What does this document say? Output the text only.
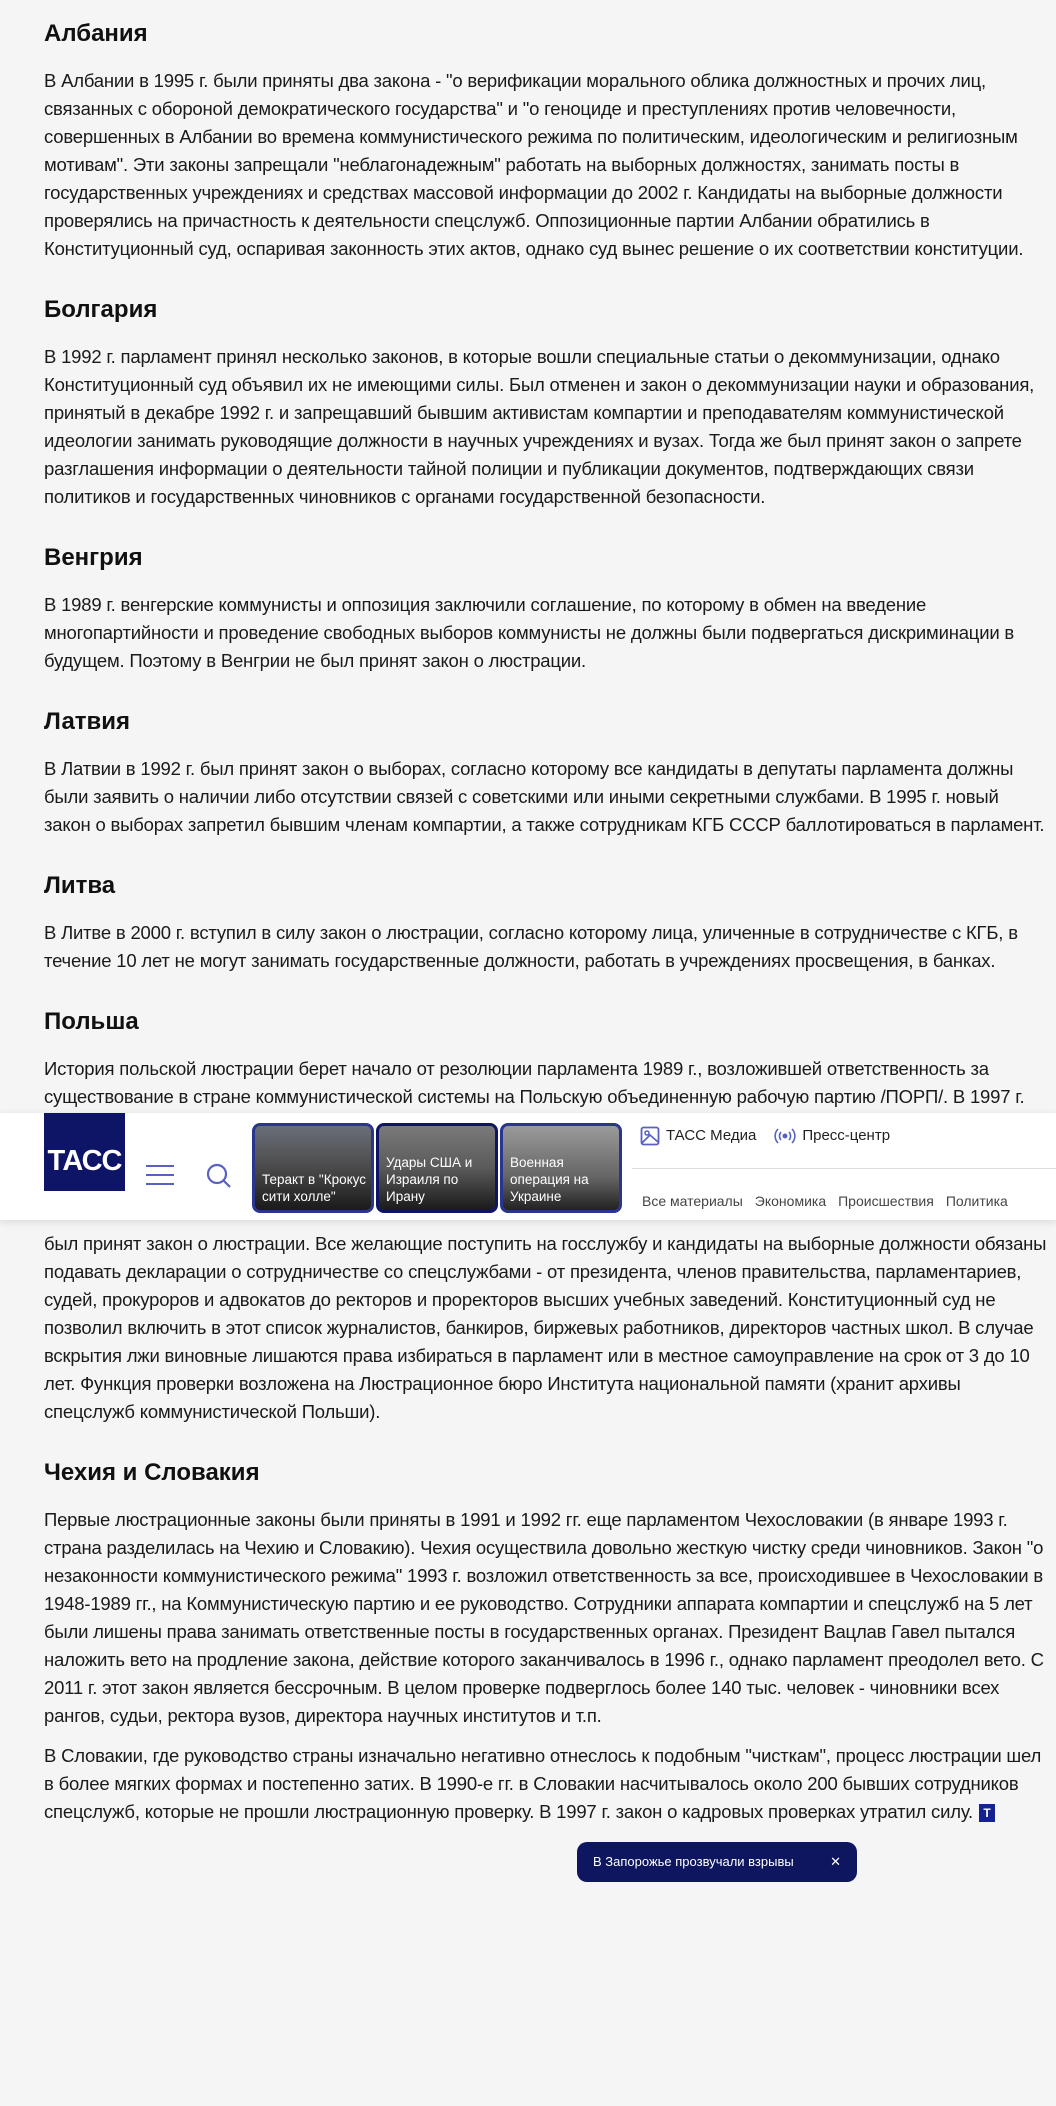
Албания

В Албании в 1995 г. были приняты два закона - "о верификации морального облика должностных и прочих лиц, связанных с обороной демократического государства" и "о геноциде и преступлениях против человечности, совершенных в Албании во времена коммунистического режима по политическим, идеологическим и религиозным мотивам". Эти законы запрещали "неблагонадежным" работать на выборных должностях, занимать посты в государственных учреждениях и средствах массовой информации до 2002 г. Кандидаты на выборные должности проверялись на причастность к деятельности спецслужб. Оппозиционные партии Албании обратились в Конституционный суд, оспаривая законность этих актов, однако суд вынес решение о их соответствии конституции.

Болгария

В 1992 г. парламент принял несколько законов, в которые вошли специальные статьи о декоммунизации, однако Конституционный суд объявил их не имеющими силы. Был отменен и закон о декоммунизации науки и образования, принятый в декабре 1992 г. и запрещавший бывшим активистам компартии и преподавателям коммунистической идеологии занимать руководящие должности в научных учреждениях и вузах. Тогда же был принят закон о запрете разглашения информации о деятельности тайной полиции и публикации документов, подтверждающих связи политиков и государственных чиновников с органами государственной безопасности.

Венгрия

В 1989 г. венгерские коммунисты и оппозиция заключили соглашение, по которому в обмен на введение многопартийности и проведение свободных выборов коммунисты не должны были подвергаться дискриминации в будущем. Поэтому в Венгрии не был принят закон о люстрации.

Латвия

В Латвии в 1992 г. был принят закон о выборах, согласно которому все кандидаты в депутаты парламента должны были заявить о наличии либо отсутствии связей с советскими или иными секретными службами. В 1995 г. новый закон о выборах запретил бывшим членам компартии, а также сотрудникам КГБ СССР баллотироваться в парламент.

Литва

В Литве в 2000 г. вступил в силу закон о люстрации, согласно которому лица, уличенные в сотрудничестве с КГБ, в течение 10 лет не могут занимать государственные должности, работать в учреждениях просвещения, в банках.

Польша

ТАСС
Теракт в "Крокус сити холле"
Удары США и Израиля по Ирану
Военная операция на Украине
ТАСС Медиа	Пресс-центр
Все материалы Экономика Происшествия Политика
История польской люстрации берет начало от резолюции парламента 1989 г., возложившей ответственность за существование в стране коммунистической системы на Польскую объединенную рабочую партию /ПОРП/. В 1997 г. был принят закон о люстрации. Все желающие поступить на госслужбу и кандидаты на выборные должности обязаны подавать декларации о сотрудничестве со спецслужбами - от президента, членов правительства, парламентариев, судей, прокуроров и адвокатов до ректоров и проректоров высших учебных заведений. Конституционный суд не позволил включить в этот список журналистов, банкиров, биржевых работников, директоров частных школ. В случае вскрытия лжи виновные лишаются права избираться в парламент или в местное самоуправление на срок от 3 до 10 лет. Функция проверки возложена на Люстрационное бюро Института национальной памяти (хранит архивы спецслужб коммунистической Польши).

Чехия и Словакия

Первые люстрационные законы были приняты в 1991 и 1992 гг. еще парламентом Чехословакии (в январе 1993 г. страна разделилась на Чехию и Словакию). Чехия осуществила довольно жесткую чистку среди чиновников. Закон "о незаконности коммунистического режима" 1993 г. возложил ответственность за все, происходившее в Чехословакии в 1948-1989 гг., на Коммунистическую партию и ее руководство. Сотрудники аппарата компартии и спецслужб на 5 лет были лишены права занимать ответственные посты в государственных органах. Президент Вацлав Гавел пытался наложить вето на продление закона, действие которого заканчивалось в 1996 г., однако парламент преодолел вето. С 2011 г. этот закон является бессрочным. В целом проверке подверглось более 140 тыс. человек - чиновники всех рангов, судьи, ректора вузов, директора научных институтов и т.п.

В Словакии, где руководство страны изначально негативно отнеслось к подобным "чисткам", процесс люстрации шел в более мягких формах и постепенно затих. В 1990-е гг. в Словакии насчитывалось около 200 бывших сотрудников спецслужб, которые не прошли люстрационную проверку. В 1997 г. закон о кадровых проверках утратил силу. Т

В Запорожье прозвучали взрывы	✕
